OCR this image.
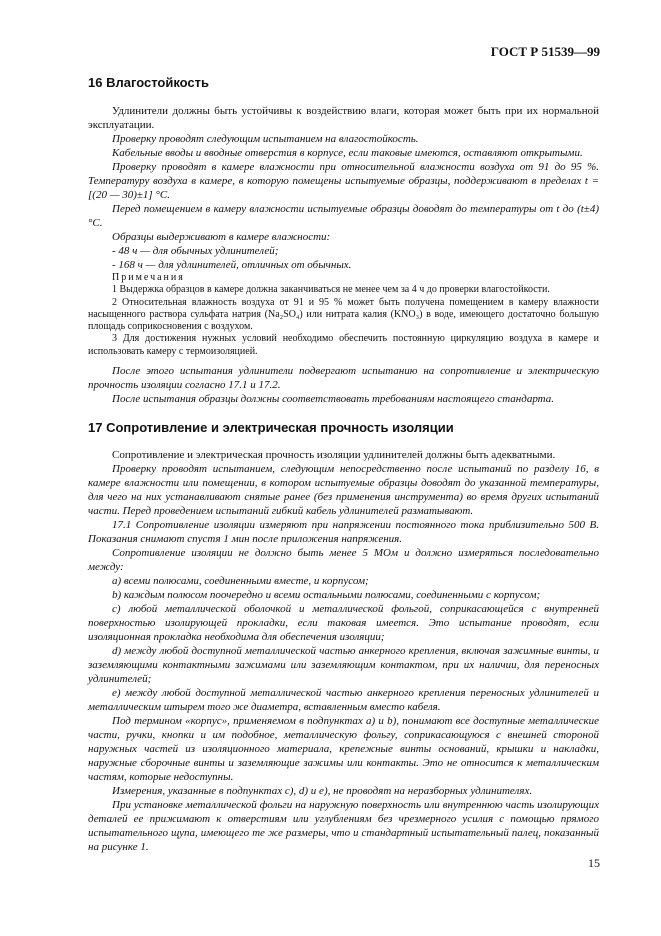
ГОСТ Р 51539—99
16 Влагостойкость

Удлинители должны быть устойчивы к воздействию влаги, которая может быть при их нормальной эксплуатации.

Проверку проводят следующим испытанием на влагостойкость.

Кабельные вводы и вводные отверстия в корпусе, если таковые имеются, оставляют открытыми.

Проверку проводят в камере влажности при относительной влажности воздуха от 91 до 95 %. Температуру воздуха в камере, в которую помещены испытуемые образцы, поддерживают в пределах t = [(20 — 30)±1] °C.

Перед помещением в камеру влажности испытуемые образцы доводят до температуры от t до (t±4) °C.

Образцы выдерживают в камере влажности:

- 48 ч — для обычных удлинителей;

- 168 ч — для удлинителей, отличных от обычных.

Примечания

1 Выдержка образцов в камере должна заканчиваться не менее чем за 4 ч до проверки влагостойкости.

2 Относительная влажность воздуха от 91 и 95 % может быть получена помещением в камеру влажности насыщенного раствора сульфата натрия (Na₂SO₄) или нитрата калия (KNO₃) в воде, имеющего достаточно большую площадь соприкосновения с воздухом.

3 Для достижения нужных условий необходимо обеспечить постоянную циркуляцию воздуха в камере и использовать камеру с термоизоляцией.

После этого испытания удлинители подвергают испытанию на сопротивление и электрическую прочность изоляции согласно 17.1 и 17.2.

После испытания образцы должны соответствовать требованиям настоящего стандарта.

17 Сопротивление и электрическая прочность изоляции

Сопротивление и электрическая прочность изоляции удлинителей должны быть адекватными.

Проверку проводят испытанием, следующим непосредственно после испытаний по разделу 16, в камере влажности или помещении, в котором испытуемые образцы доводят до указанной температуры, для чего на них устанавливают снятые ранее (без применения инструмента) во время других испытаний части. Перед проведением испытаний гибкий кабель удлинителей разматывают.

17.1 Сопротивление изоляции измеряют при напряжении постоянного тока приблизительно 500 В. Показания снимают спустя 1 мин после приложения напряжения.

Сопротивление изоляции не должно быть менее 5 МОм и должно измеряться последовательно между:

a) всеми полюсами, соединенными вместе, и корпусом;

b) каждым полюсом поочередно и всеми остальными полюсами, соединенными с корпусом;

c) любой металлической оболочкой и металлической фольгой, соприкасающейся с внутренней поверхностью изолирующей прокладки, если таковая имеется. Это испытание проводят, если изоляционная прокладка необходима для обеспечения изоляции;

d) между любой доступной металлической частью анкерного крепления, включая зажимные винты, и заземляющими контактными зажимами или заземляющим контактом, при их наличии, для переносных удлинителей;

e) между любой доступной металлической частью анкерного крепления переносных удлинителей и металлическим штырем того же диаметра, вставленным вместо кабеля.

Под термином «корпус», применяемом в подпунктах a) и b), понимают все доступные металлические части, ручки, кнопки и им подобное, металлическую фольгу, соприкасающуюся с внешней стороной наружных частей из изоляционного материала, крепежные винты оснований, крышки и накладки, наружные сборочные винты и заземляющие зажимы или контакты. Это не относится к металлическим частям, которые недоступны.

Измерения, указанные в подпунктах c), d) и e), не проводят на неразборных удлинителях.

При установке металлической фольги на наружную поверхность или внутреннюю часть изолирующих деталей ее прижимают к отверстиям или углублениям без чрезмерного усилия с помощью прямого испытательного щупа, имеющего те же размеры, что и стандартный испытательный палец, показанный на рисунке 1.

15
